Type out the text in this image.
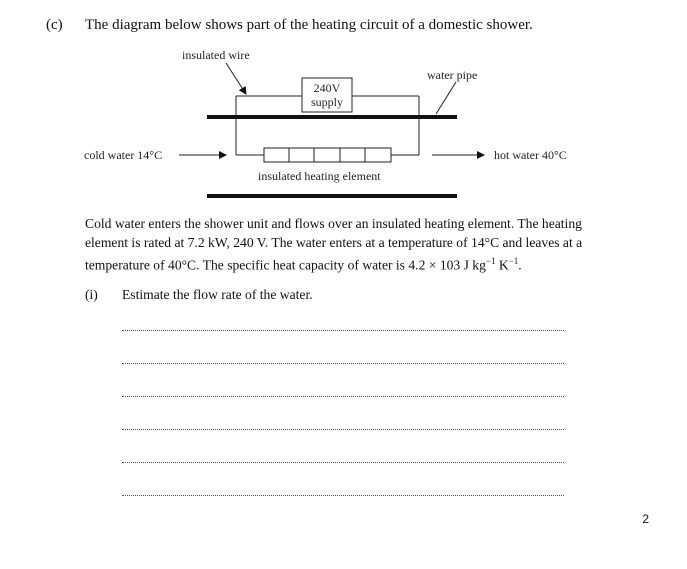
(c) The diagram below shows part of the heating circuit of a domestic shower.
insulated wire
water pipe
cold water 14°C	hot water 40°C
insulated heating element
240V
supply

Cold water enters the shower unit and flows over an insulated heating element. The heating
element is rated at 7.2 kW, 240 V. The water enters at a temperature of 14°C and leaves at a
temperature of 40°C. The specific heat capacity of water is 4.2 × 103 J $kg^{-1}$ $K^{-1}$.

(i) Estimate the flow rate of the water.
2
